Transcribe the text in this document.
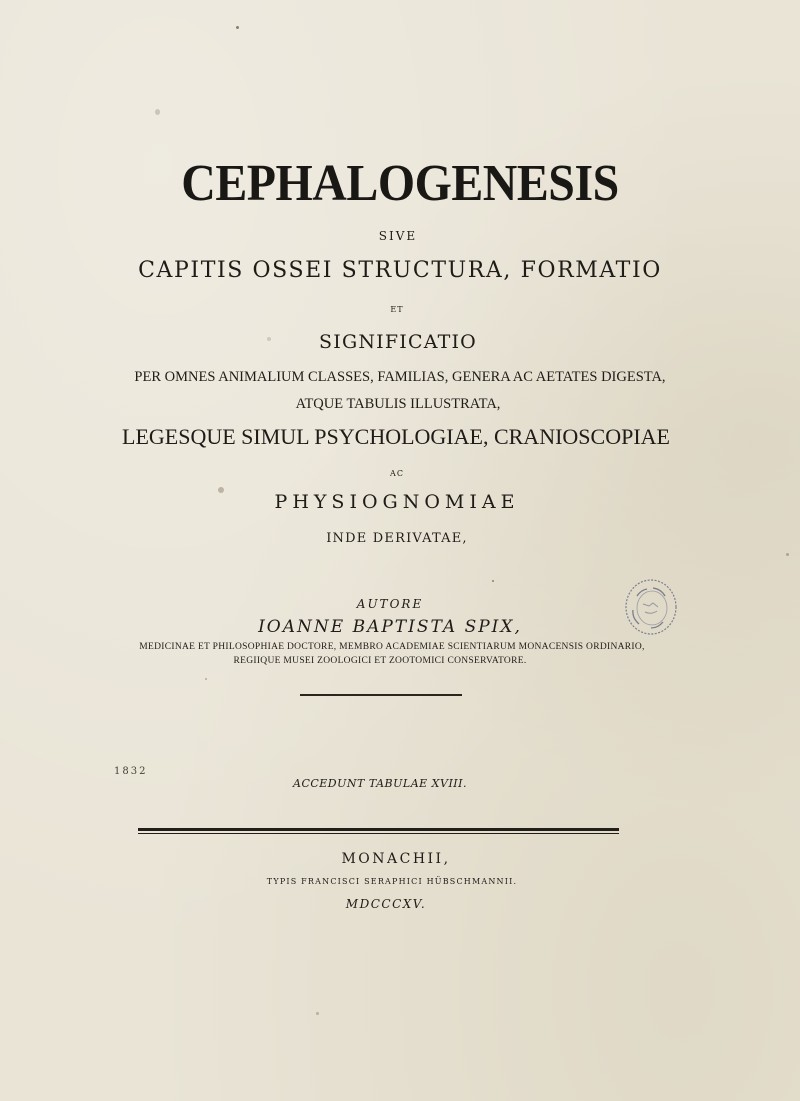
CEPHALOGENESIS
SIVE
CAPITIS OSSEI STRUCTURA, FORMATIO
ET
SIGNIFICATIO
PER OMNES ANIMALIUM CLASSES, FAMILIAS, GENERA AC AETATES DIGESTA,
ATQUE TABULIS ILLUSTRATA,
LEGESQUE SIMUL PSYCHOLOGIAE, CRANIOSCOPIAE
AC
PHYSIOGNOMIAE
INDE DERIVATAE,
AUTORE
IOANNE BAPTISTA SPIX,
MEDICINAE ET PHILOSOPHIAE DOCTORE, MEMBRO ACADEMIAE SCIENTIARUM MONACENSIS ORDINARIO,
REGIIQUE MUSEI ZOOLOGICI ET ZOOTOMICI CONSERVATORE.
1832
ACCEDUNT TABULAE XVIII.
MONACHII,
TYPIS FRANCISCI SERAPHICI HÜBSCHMANNII.
MDCCCXV.
